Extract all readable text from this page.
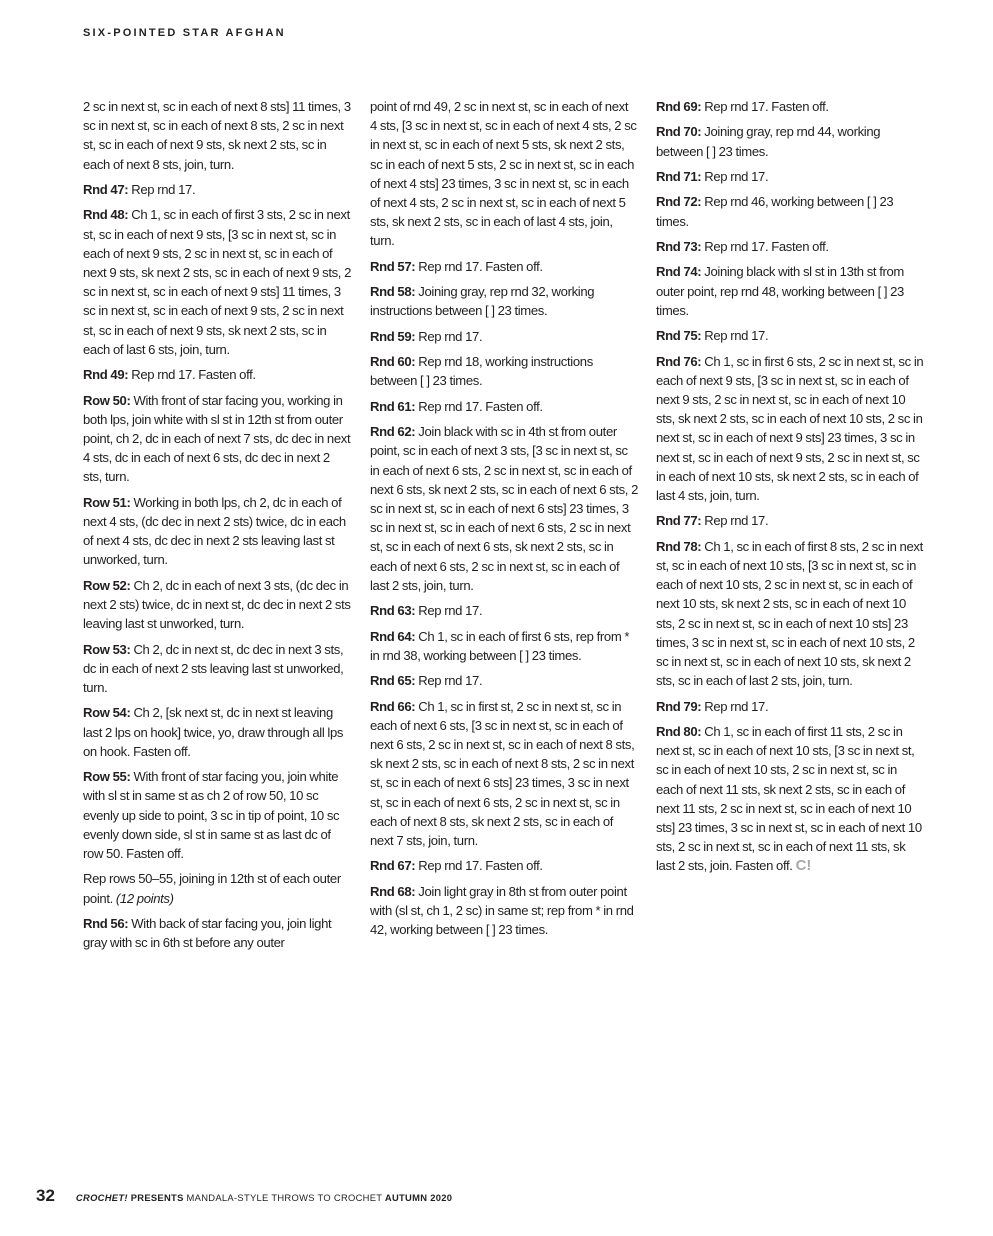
SIX-POINTED STAR AFGHAN

2 sc in next st, sc in each of next 8 sts] 11 times, 3 sc in next st, sc in each of next 8 sts, 2 sc in next st, sc in each of next 9 sts, sk next 2 sts, sc in each of next 8 sts, join, turn.

Rnd 47: Rep rnd 17.

Rnd 48: Ch 1, sc in each of first 3 sts, 2 sc in next st, sc in each of next 9 sts, [3 sc in next st, sc in each of next 9 sts, 2 sc in next st, sc in each of next 9 sts, sk next 2 sts, sc in each of next 9 sts, 2 sc in next st, sc in each of next 9 sts] 11 times, 3 sc in next st, sc in each of next 9 sts, 2 sc in next st, sc in each of next 9 sts, sk next 2 sts, sc in each of last 6 sts, join, turn.

Rnd 49: Rep rnd 17. Fasten off.

Row 50: With front of star facing you, working in both lps, join white with sl st in 12th st from outer point, ch 2, dc in each of next 7 sts, dc dec in next 4 sts, dc in each of next 6 sts, dc dec in next 2 sts, turn.

Row 51: Working in both lps, ch 2, dc in each of next 4 sts, (dc dec in next 2 sts) twice, dc in each of next 4 sts, dc dec in next 2 sts leaving last st unworked, turn.

Row 52: Ch 2, dc in each of next 3 sts, (dc dec in next 2 sts) twice, dc in next st, dc dec in next 2 sts leaving last st unworked, turn.

Row 53: Ch 2, dc in next st, dc dec in next 3 sts, dc in each of next 2 sts leaving last st unworked, turn.

Row 54: Ch 2, [sk next st, dc in next st leaving last 2 lps on hook] twice, yo, draw through all lps on hook. Fasten off.

Row 55: With front of star facing you, join white with sl st in same st as ch 2 of row 50, 10 sc evenly up side to point, 3 sc in tip of point, 10 sc evenly down side, sl st in same st as last dc of row 50. Fasten off.

Rep rows 50–55, joining in 12th st of each outer point. (12 points)

Rnd 56: With back of star facing you, join light gray with sc in 6th st before any outer

point of rnd 49, 2 sc in next st, sc in each of next 4 sts, [3 sc in next st, sc in each of next 4 sts, 2 sc in next st, sc in each of next 5 sts, sk next 2 sts, sc in each of next 5 sts, 2 sc in next st, sc in each of next 4 sts] 23 times, 3 sc in next st, sc in each of next 4 sts, 2 sc in next st, sc in each of next 5 sts, sk next 2 sts, sc in each of last 4 sts, join, turn.

Rnd 57: Rep rnd 17. Fasten off.

Rnd 58: Joining gray, rep rnd 32, working instructions between [ ] 23 times.

Rnd 59: Rep rnd 17.

Rnd 60: Rep rnd 18, working instructions between [ ] 23 times.

Rnd 61: Rep rnd 17. Fasten off.

Rnd 62: Join black with sc in 4th st from outer point, sc in each of next 3 sts, [3 sc in next st, sc in each of next 6 sts, 2 sc in next st, sc in each of next 6 sts, sk next 2 sts, sc in each of next 6 sts, 2 sc in next st, sc in each of next 6 sts] 23 times, 3 sc in next st, sc in each of next 6 sts, 2 sc in next st, sc in each of next 6 sts, sk next 2 sts, sc in each of next 6 sts, 2 sc in next st, sc in each of last 2 sts, join, turn.

Rnd 63: Rep rnd 17.

Rnd 64: Ch 1, sc in each of first 6 sts, rep from * in rnd 38, working between [ ] 23 times.

Rnd 65: Rep rnd 17.

Rnd 66: Ch 1, sc in first st, 2 sc in next st, sc in each of next 6 sts, [3 sc in next st, sc in each of next 6 sts, 2 sc in next st, sc in each of next 8 sts, sk next 2 sts, sc in each of next 8 sts, 2 sc in next st, sc in each of next 6 sts] 23 times, 3 sc in next st, sc in each of next 6 sts, 2 sc in next st, sc in each of next 8 sts, sk next 2 sts, sc in each of next 7 sts, join, turn.

Rnd 67: Rep rnd 17. Fasten off.

Rnd 68: Join light gray in 8th st from outer point with (sl st, ch 1, 2 sc) in same st; rep from * in rnd 42, working between [ ] 23 times.

Rnd 69: Rep rnd 17. Fasten off.

Rnd 70: Joining gray, rep rnd 44, working between [ ] 23 times.

Rnd 71: Rep rnd 17.

Rnd 72: Rep rnd 46, working between [ ] 23 times.

Rnd 73: Rep rnd 17. Fasten off.

Rnd 74: Joining black with sl st in 13th st from outer point, rep rnd 48, working between [ ] 23 times.

Rnd 75: Rep rnd 17.

Rnd 76: Ch 1, sc in first 6 sts, 2 sc in next st, sc in each of next 9 sts, [3 sc in next st, sc in each of next 9 sts, 2 sc in next st, sc in each of next 10 sts, sk next 2 sts, sc in each of next 10 sts, 2 sc in next st, sc in each of next 9 sts] 23 times, 3 sc in next st, sc in each of next 9 sts, 2 sc in next st, sc in each of next 10 sts, sk next 2 sts, sc in each of last 4 sts, join, turn.

Rnd 77: Rep rnd 17.

Rnd 78: Ch 1, sc in each of first 8 sts, 2 sc in next st, sc in each of next 10 sts, [3 sc in next st, sc in each of next 10 sts, 2 sc in next st, sc in each of next 10 sts, sk next 2 sts, sc in each of next 10 sts, 2 sc in next st, sc in each of next 10 sts] 23 times, 3 sc in next st, sc in each of next 10 sts, 2 sc in next st, sc in each of next 10 sts, sk next 2 sts, sc in each of last 2 sts, join, turn.

Rnd 79: Rep rnd 17.

Rnd 80: Ch 1, sc in each of first 11 sts, 2 sc in next st, sc in each of next 10 sts, [3 sc in next st, sc in each of next 10 sts, 2 sc in next st, sc in each of next 11 sts, sk next 2 sts, sc in each of next 11 sts, 2 sc in next st, sc in each of next 10 sts] 23 times, 3 sc in next st, sc in each of next 10 sts, 2 sc in next st, sc in each of next 11 sts, sk last 2 sts, join. Fasten off. C!

32 CROCHET! PRESENTS MANDALA-STYLE THROWS TO CROCHET AUTUMN 2020
